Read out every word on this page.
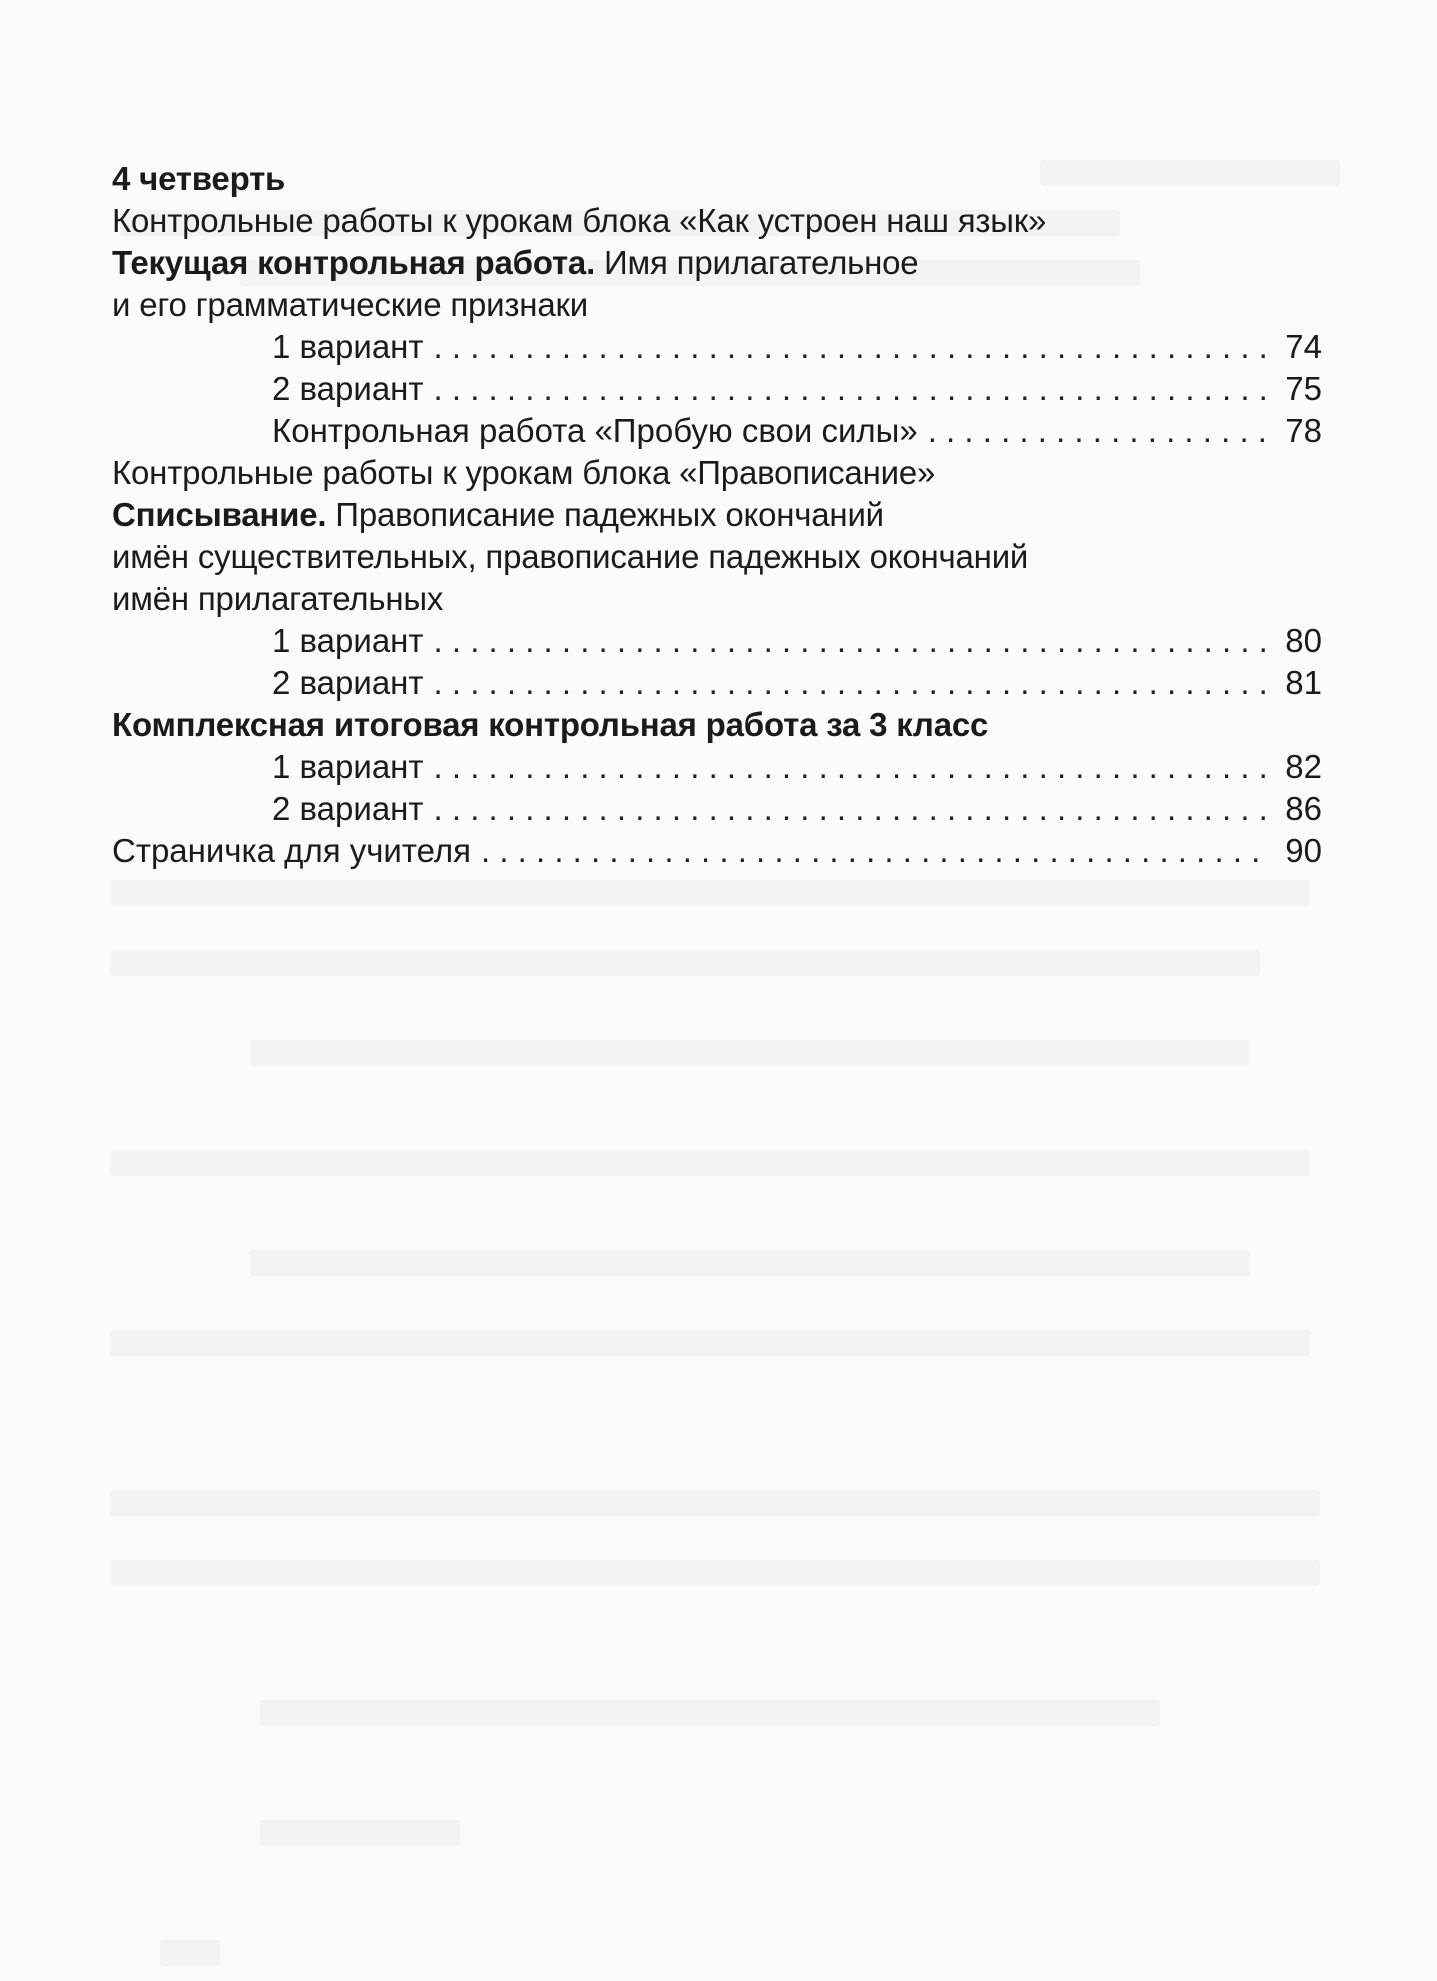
4 четверть
Контрольные работы к урокам блока «Как устроен наш язык»
Текущая контрольная работа. Имя прилагательное
и его грамматические признаки
1 вариант . . .	74
2 вариант . . .	75
Контрольная работа «Пробую свои силы» . . .	78
Контрольные работы к урокам блока «Правописание»
Списывание. Правописание падежных окончаний
имён существительных, правописание падежных окончаний
имён прилагательных
1 вариант . . .	80
2 вариант . . .	81
Комплексная итоговая контрольная работа за 3 класс
1 вариант . . .	82
2 вариант . . .	86
Страничка для учителя . . .	90
